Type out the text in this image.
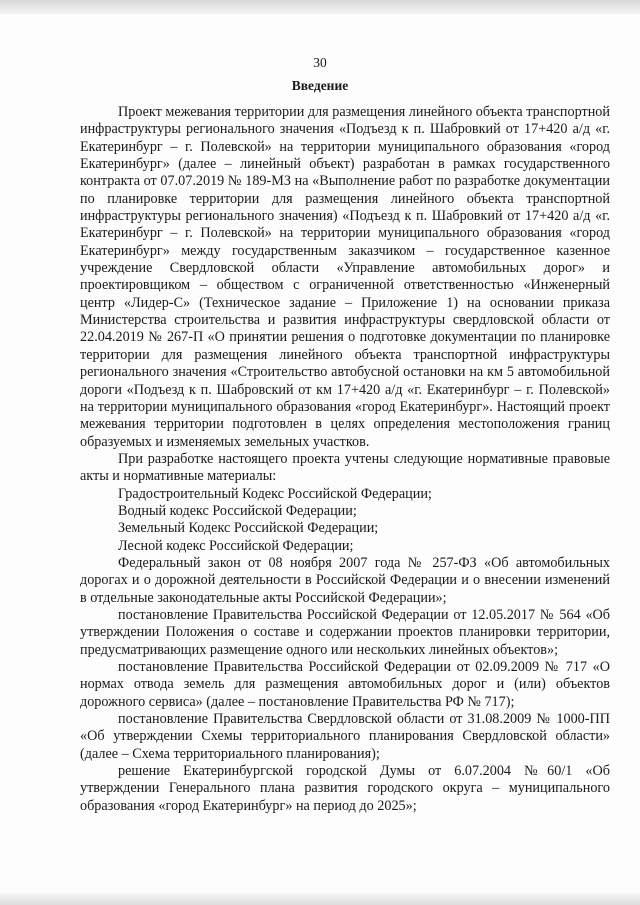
30
Введение

Проект межевания территории для размещения линейного объекта транспортной инфраструктуры регионального значения «Подъезд к п. Шабровкий от 17+420 а/д «г. Екатеринбург – г. Полевской» на территории муниципального образования «город Екатеринбург» (далее – линейный объект) разработан в рамках государственного контракта от 07.07.2019 № 189-МЗ на «Выполнение работ по разработке документации по планировке территории для размещения линейного объекта транспортной инфраструктуры регионального значения) «Подъезд к п. Шабровкий от 17+420 а/д «г. Екатеринбург – г. Полевской» на территории муниципального образования «город Екатеринбург» между государственным заказчиком – государственное казенное учреждение Свердловской области «Управление автомобильных дорог» и проектировщиком – обществом с ограниченной ответственностью «Инженерный центр «Лидер-С» (Техническое задание – Приложение 1) на основании приказа Министерства строительства и развития инфраструктуры свердловской области от 22.04.2019 № 267-П «О принятии решения о подготовке документации по планировке территории для размещения линейного объекта транспортной инфраструктуры регионального значения «Строительство автобусной остановки на км 5 автомобильной дороги «Подъезд к п. Шабровский от км 17+420 а/д «г. Екатеринбург – г. Полевской» на территории муниципального образования «город Екатеринбург». Настоящий проект межевания территории подготовлен в целях определения местоположения границ образуемых и изменяемых земельных участков.

При разработке настоящего проекта учтены следующие нормативные правовые акты и нормативные материалы:

Градостроительный Кодекс Российской Федерации;

Водный кодекс Российской Федерации;

Земельный Кодекс Российской Федерации;

Лесной кодекс Российской Федерации;

Федеральный закон от 08 ноября 2007 года № 257-ФЗ «Об автомобильных дорогах и о дорожной деятельности в Российской Федерации и о внесении изменений в отдельные законодательные акты Российской Федерации»;

постановление Правительства Российской Федерации от 12.05.2017 № 564 «Об утверждении Положения о составе и содержании проектов планировки территории, предусматривающих размещение одного или нескольких линейных объектов»;

постановление Правительства Российской Федерации от 02.09.2009 № 717 «О нормах отвода земель для размещения автомобильных дорог и (или) объектов дорожного сервиса» (далее – постановление Правительства РФ № 717);

постановление Правительства Свердловской области от 31.08.2009 № 1000-ПП «Об утверждении Схемы территориального планирования Свердловской области» (далее – Схема территориального планирования);

решение Екатеринбургской городской Думы от 6.07.2004 №60/1 «Об утверждении Генерального плана развития городского округа – муниципального образования «город Екатеринбург» на период до 2025»;
